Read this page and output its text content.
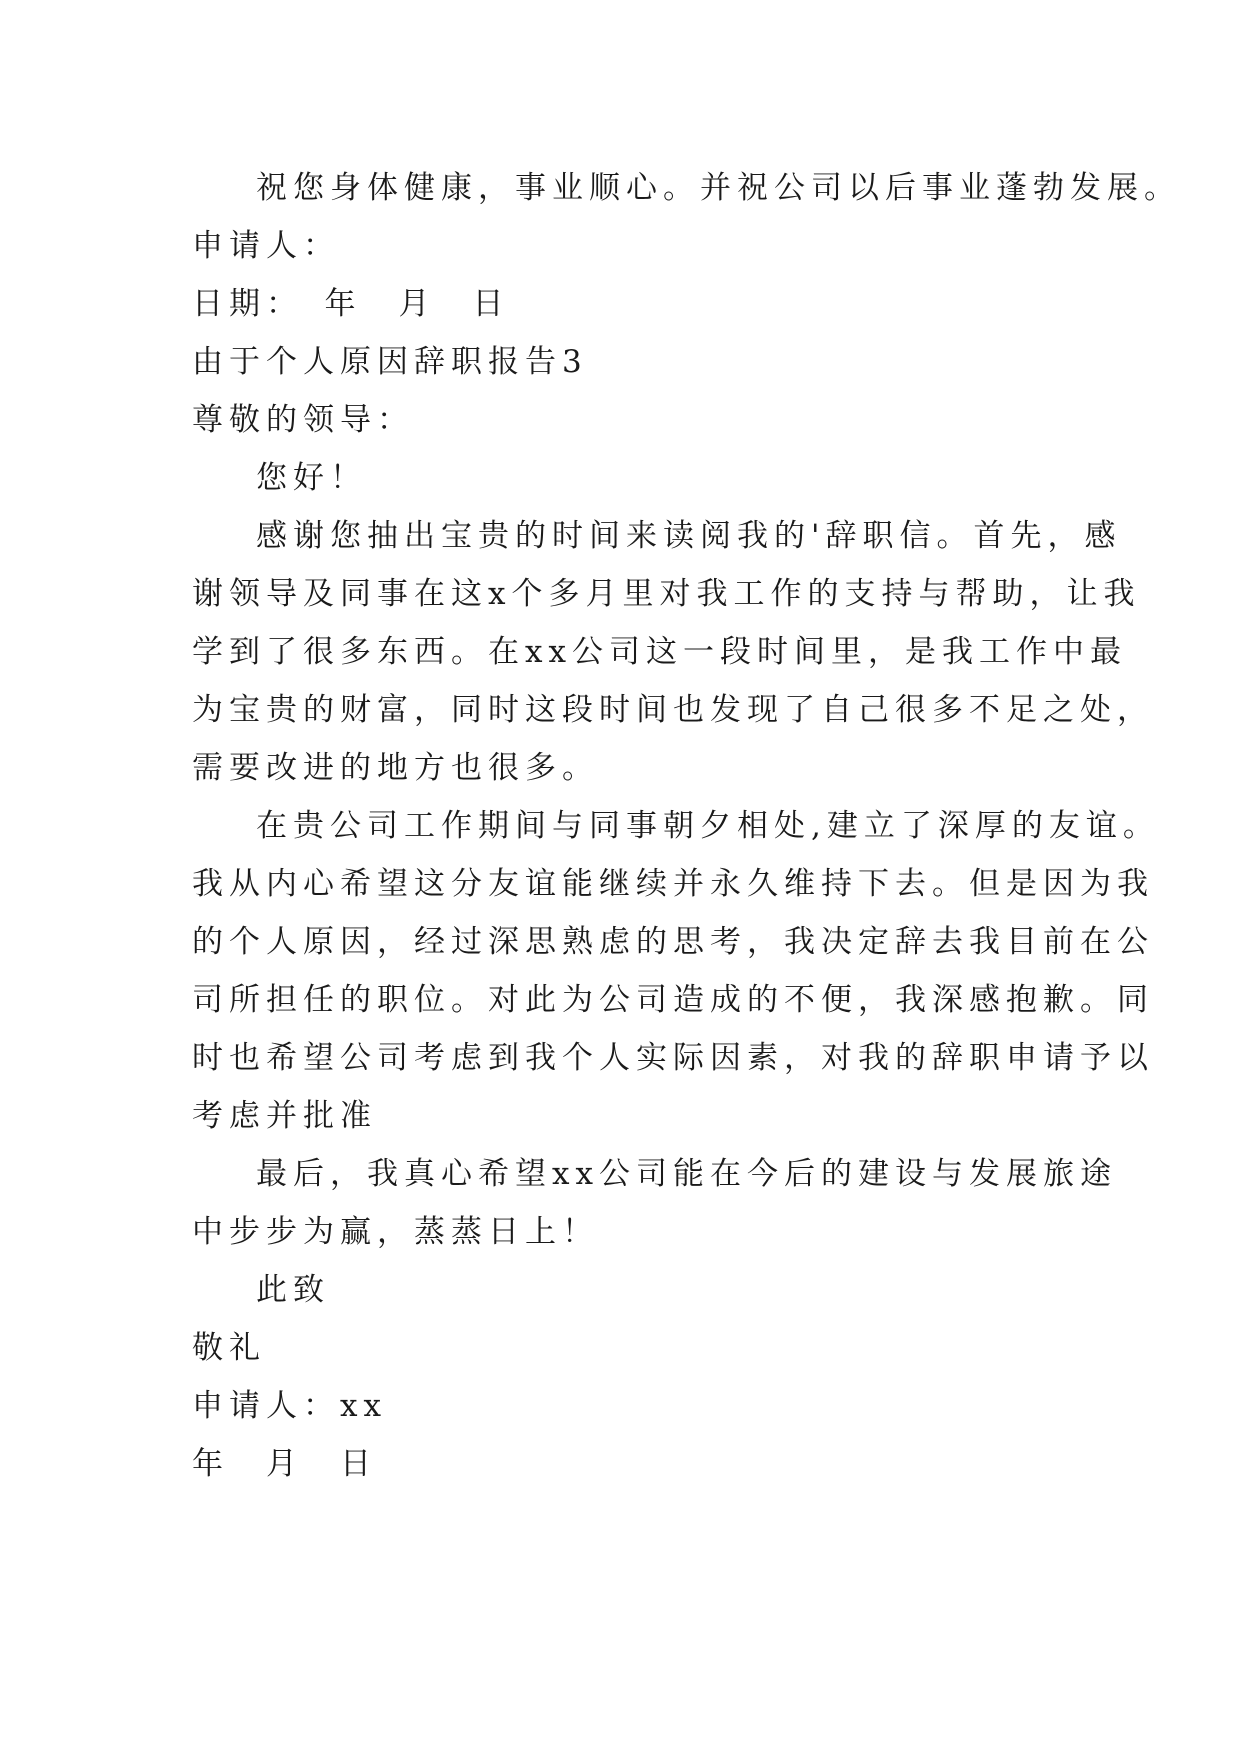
祝您身体健康，事业顺心。并祝公司以后事业蓬勃发展。
申请人：
日期：　年　月　日
由于个人原因辞职报告3
尊敬的领导：
您好！
感谢您抽出宝贵的时间来读阅我的'辞职信。首先，感
谢领导及同事在这x个多月里对我工作的支持与帮助，让我
学到了很多东西。在xx公司这一段时间里，是我工作中最
为宝贵的财富，同时这段时间也发现了自己很多不足之处，
需要改进的地方也很多。
在贵公司工作期间与同事朝夕相处,建立了深厚的友谊。
我从内心希望这分友谊能继续并永久维持下去。但是因为我
的个人原因，经过深思熟虑的思考，我决定辞去我目前在公
司所担任的职位。对此为公司造成的不便，我深感抱歉。同
时也希望公司考虑到我个人实际因素，对我的辞职申请予以
考虑并批准
最后，我真心希望xx公司能在今后的建设与发展旅途
中步步为赢，蒸蒸日上！
此致
敬礼
申请人：xx
年　月　日
